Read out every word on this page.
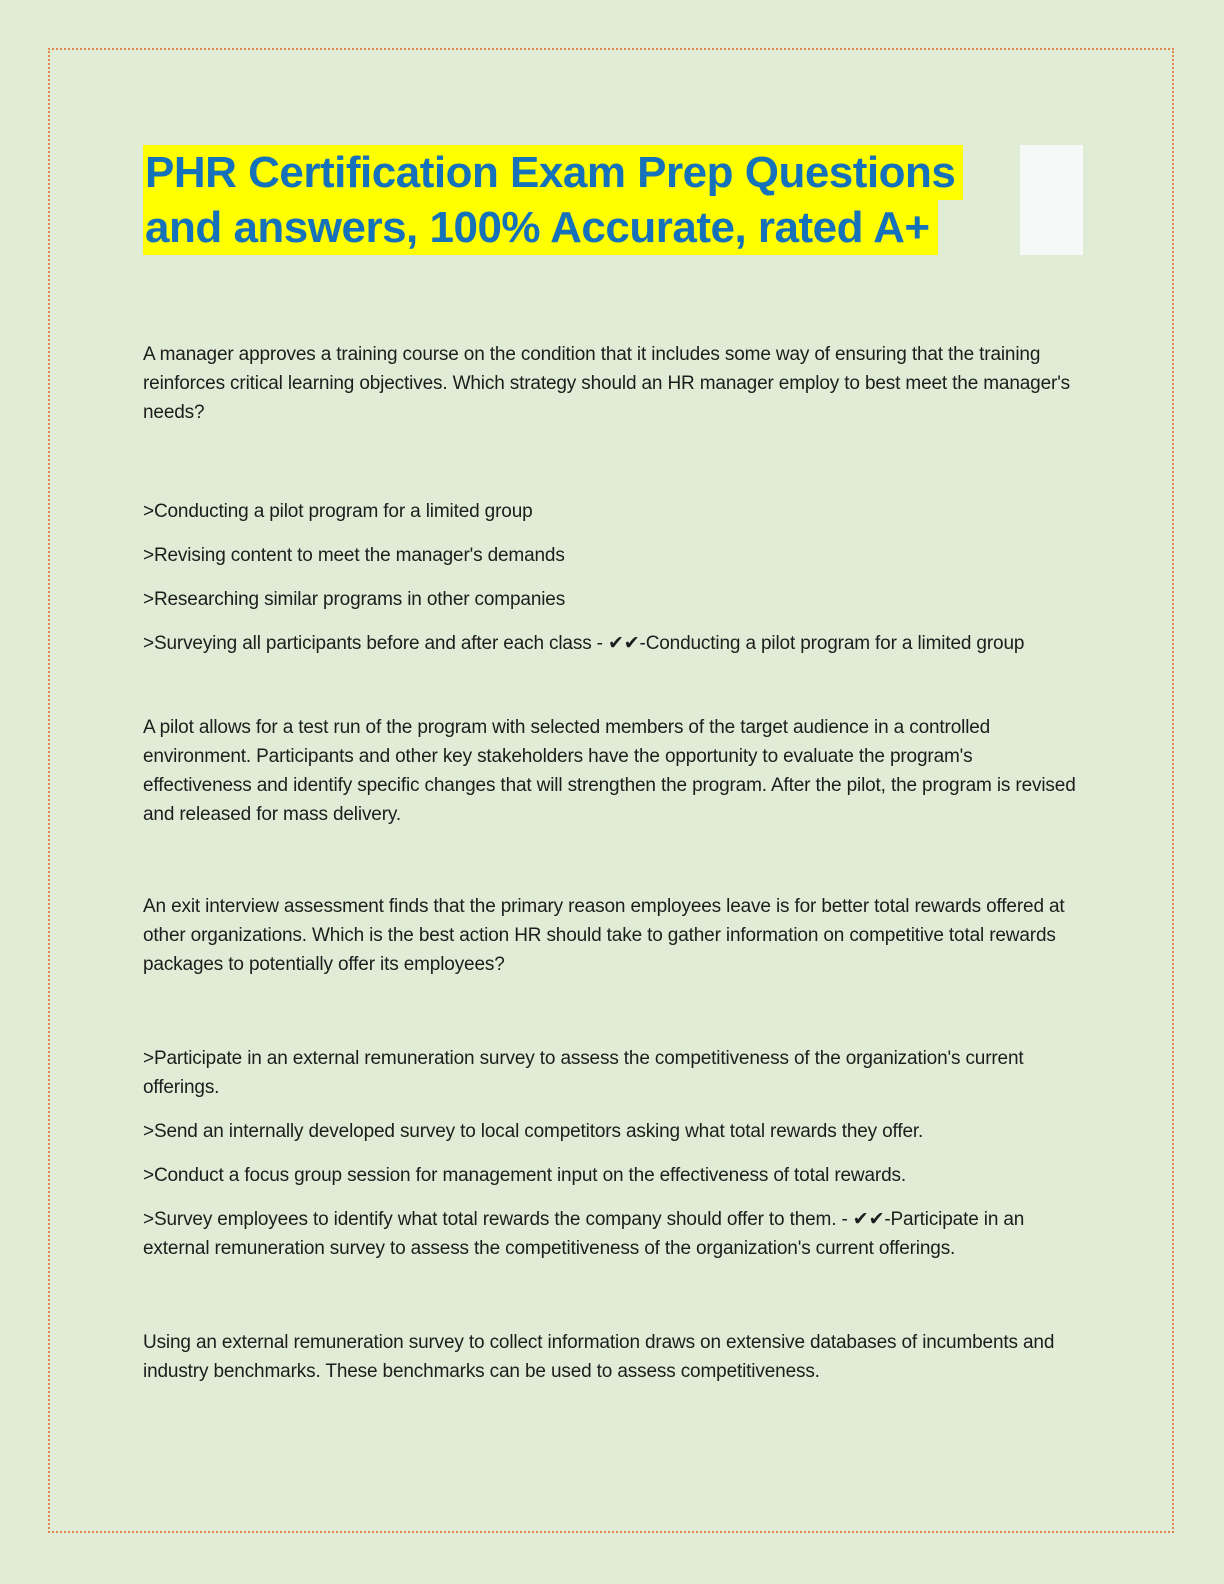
PHR Certification Exam Prep Questions
and answers, 100% Accurate, rated A+

A manager approves a training course on the condition that it includes some way of ensuring that the training reinforces critical learning objectives. Which strategy should an HR manager employ to best meet the manager's needs?

>Conducting a pilot program for a limited group

>Revising content to meet the manager's demands

>Researching similar programs in other companies

>Surveying all participants before and after each class - ✔✔-Conducting a pilot program for a limited group

A pilot allows for a test run of the program with selected members of the target audience in a controlled environment. Participants and other key stakeholders have the opportunity to evaluate the program's effectiveness and identify specific changes that will strengthen the program. After the pilot, the program is revised and released for mass delivery.

An exit interview assessment finds that the primary reason employees leave is for better total rewards offered at other organizations. Which is the best action HR should take to gather information on competitive total rewards packages to potentially offer its employees?

>Participate in an external remuneration survey to assess the competitiveness of the organization's current offerings.

>Send an internally developed survey to local competitors asking what total rewards they offer.

>Conduct a focus group session for management input on the effectiveness of total rewards.

>Survey employees to identify what total rewards the company should offer to them. - ✔✔-Participate in an external remuneration survey to assess the competitiveness of the organization's current offerings.

Using an external remuneration survey to collect information draws on extensive databases of incumbents and industry benchmarks. These benchmarks can be used to assess competitiveness.
